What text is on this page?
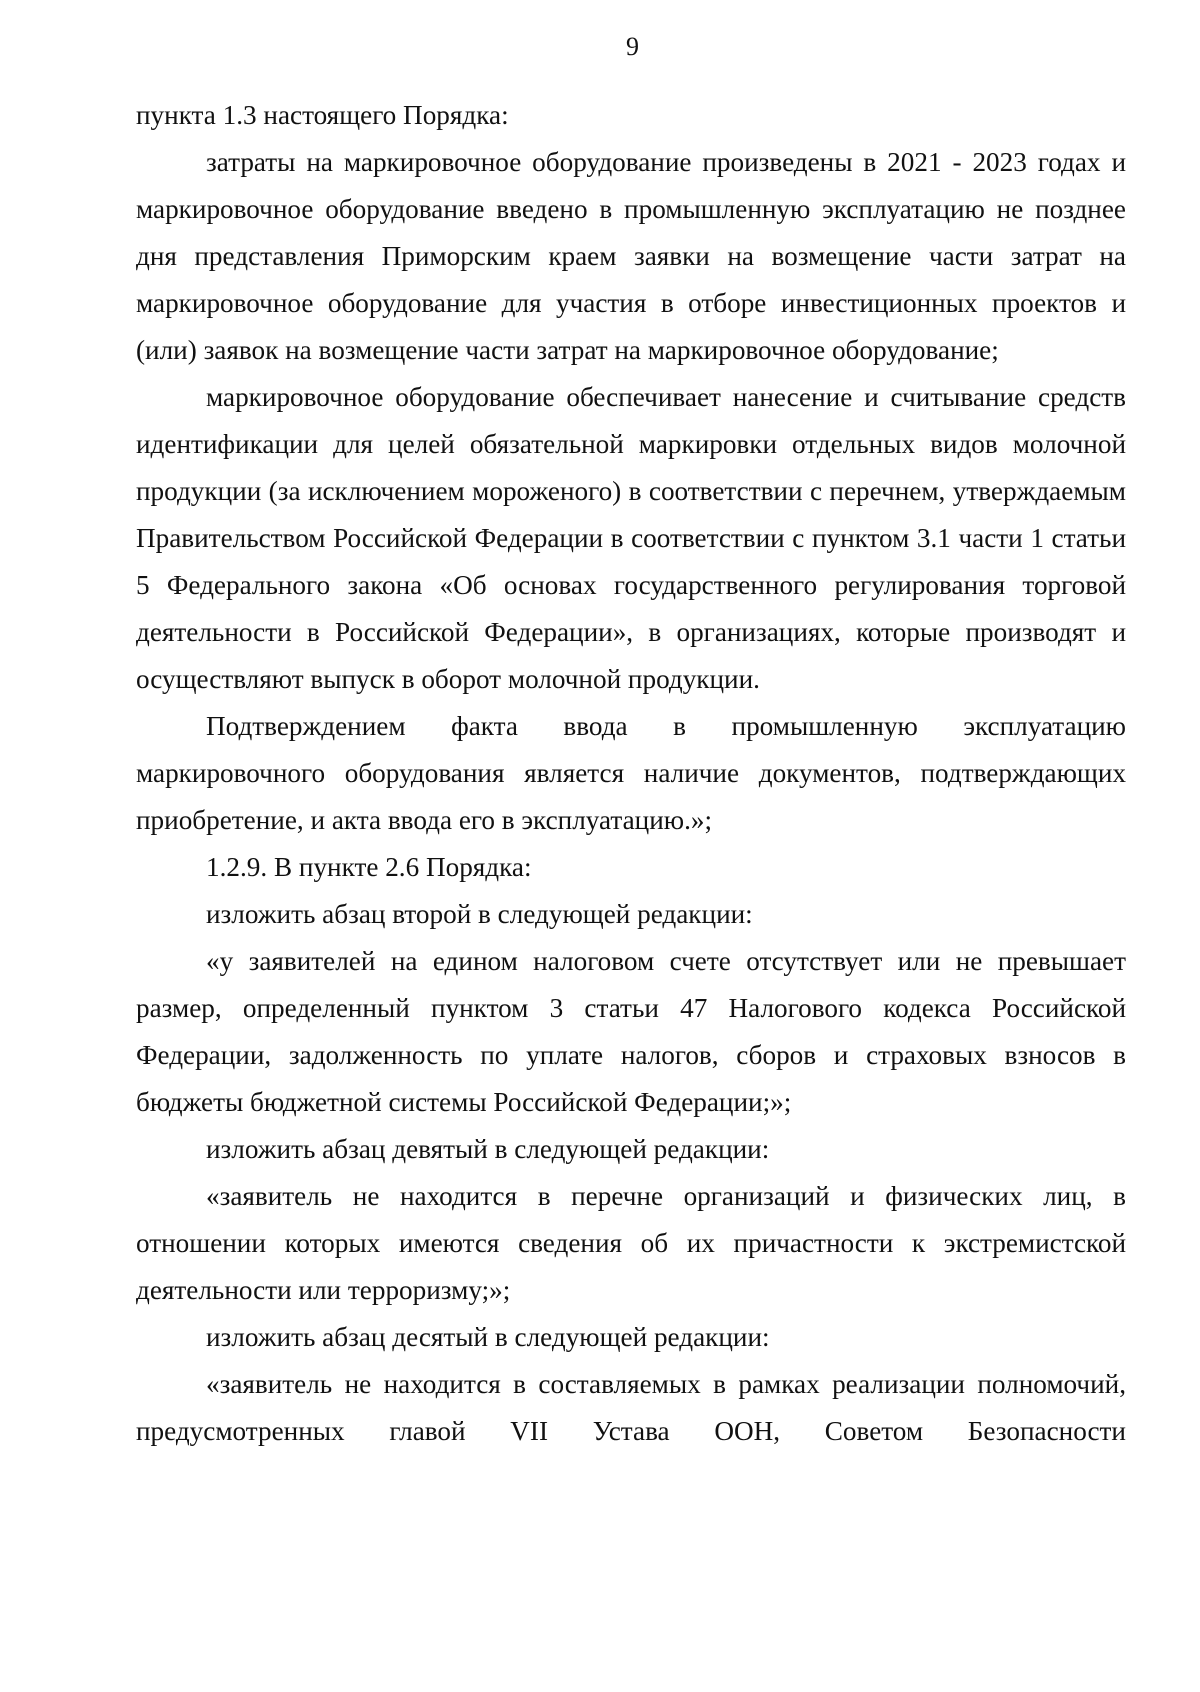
9

пункта 1.3 настоящего Порядка:

затраты на маркировочное оборудование произведены в 2021 - 2023 годах и маркировочное оборудование введено в промышленную эксплуатацию не позднее дня представления Приморским краем заявки на возмещение части затрат на маркировочное оборудование для участия в отборе инвестиционных проектов и (или) заявок на возмещение части затрат на маркировочное оборудование;

маркировочное оборудование обеспечивает нанесение и считывание средств идентификации для целей обязательной маркировки отдельных видов молочной продукции (за исключением мороженого) в соответствии с перечнем, утверждаемым Правительством Российской Федерации в соответствии с пунктом 3.1 части 1 статьи 5 Федерального закона «Об основах государственного регулирования торговой деятельности в Российской Федерации», в организациях, которые производят и осуществляют выпуск в оборот молочной продукции.

Подтверждением факта ввода в промышленную эксплуатацию маркировочного оборудования является наличие документов, подтверждающих приобретение, и акта ввода его в эксплуатацию.»;

1.2.9. В пункте 2.6 Порядка:

изложить абзац второй в следующей редакции:

«у заявителей на едином налоговом счете отсутствует или не превышает размер, определенный пунктом 3 статьи 47 Налогового кодекса Российской Федерации, задолженность по уплате налогов, сборов и страховых взносов в бюджеты бюджетной системы Российской Федерации;»;

изложить абзац девятый в следующей редакции:

«заявитель не находится в перечне организаций и физических лиц, в отношении которых имеются сведения об их причастности к экстремистской деятельности или терроризму;»;

изложить абзац десятый в следующей редакции:

«заявитель не находится в составляемых в рамках реализации полномочий, предусмотренных главой VII Устава ООН, Советом Безопасности
